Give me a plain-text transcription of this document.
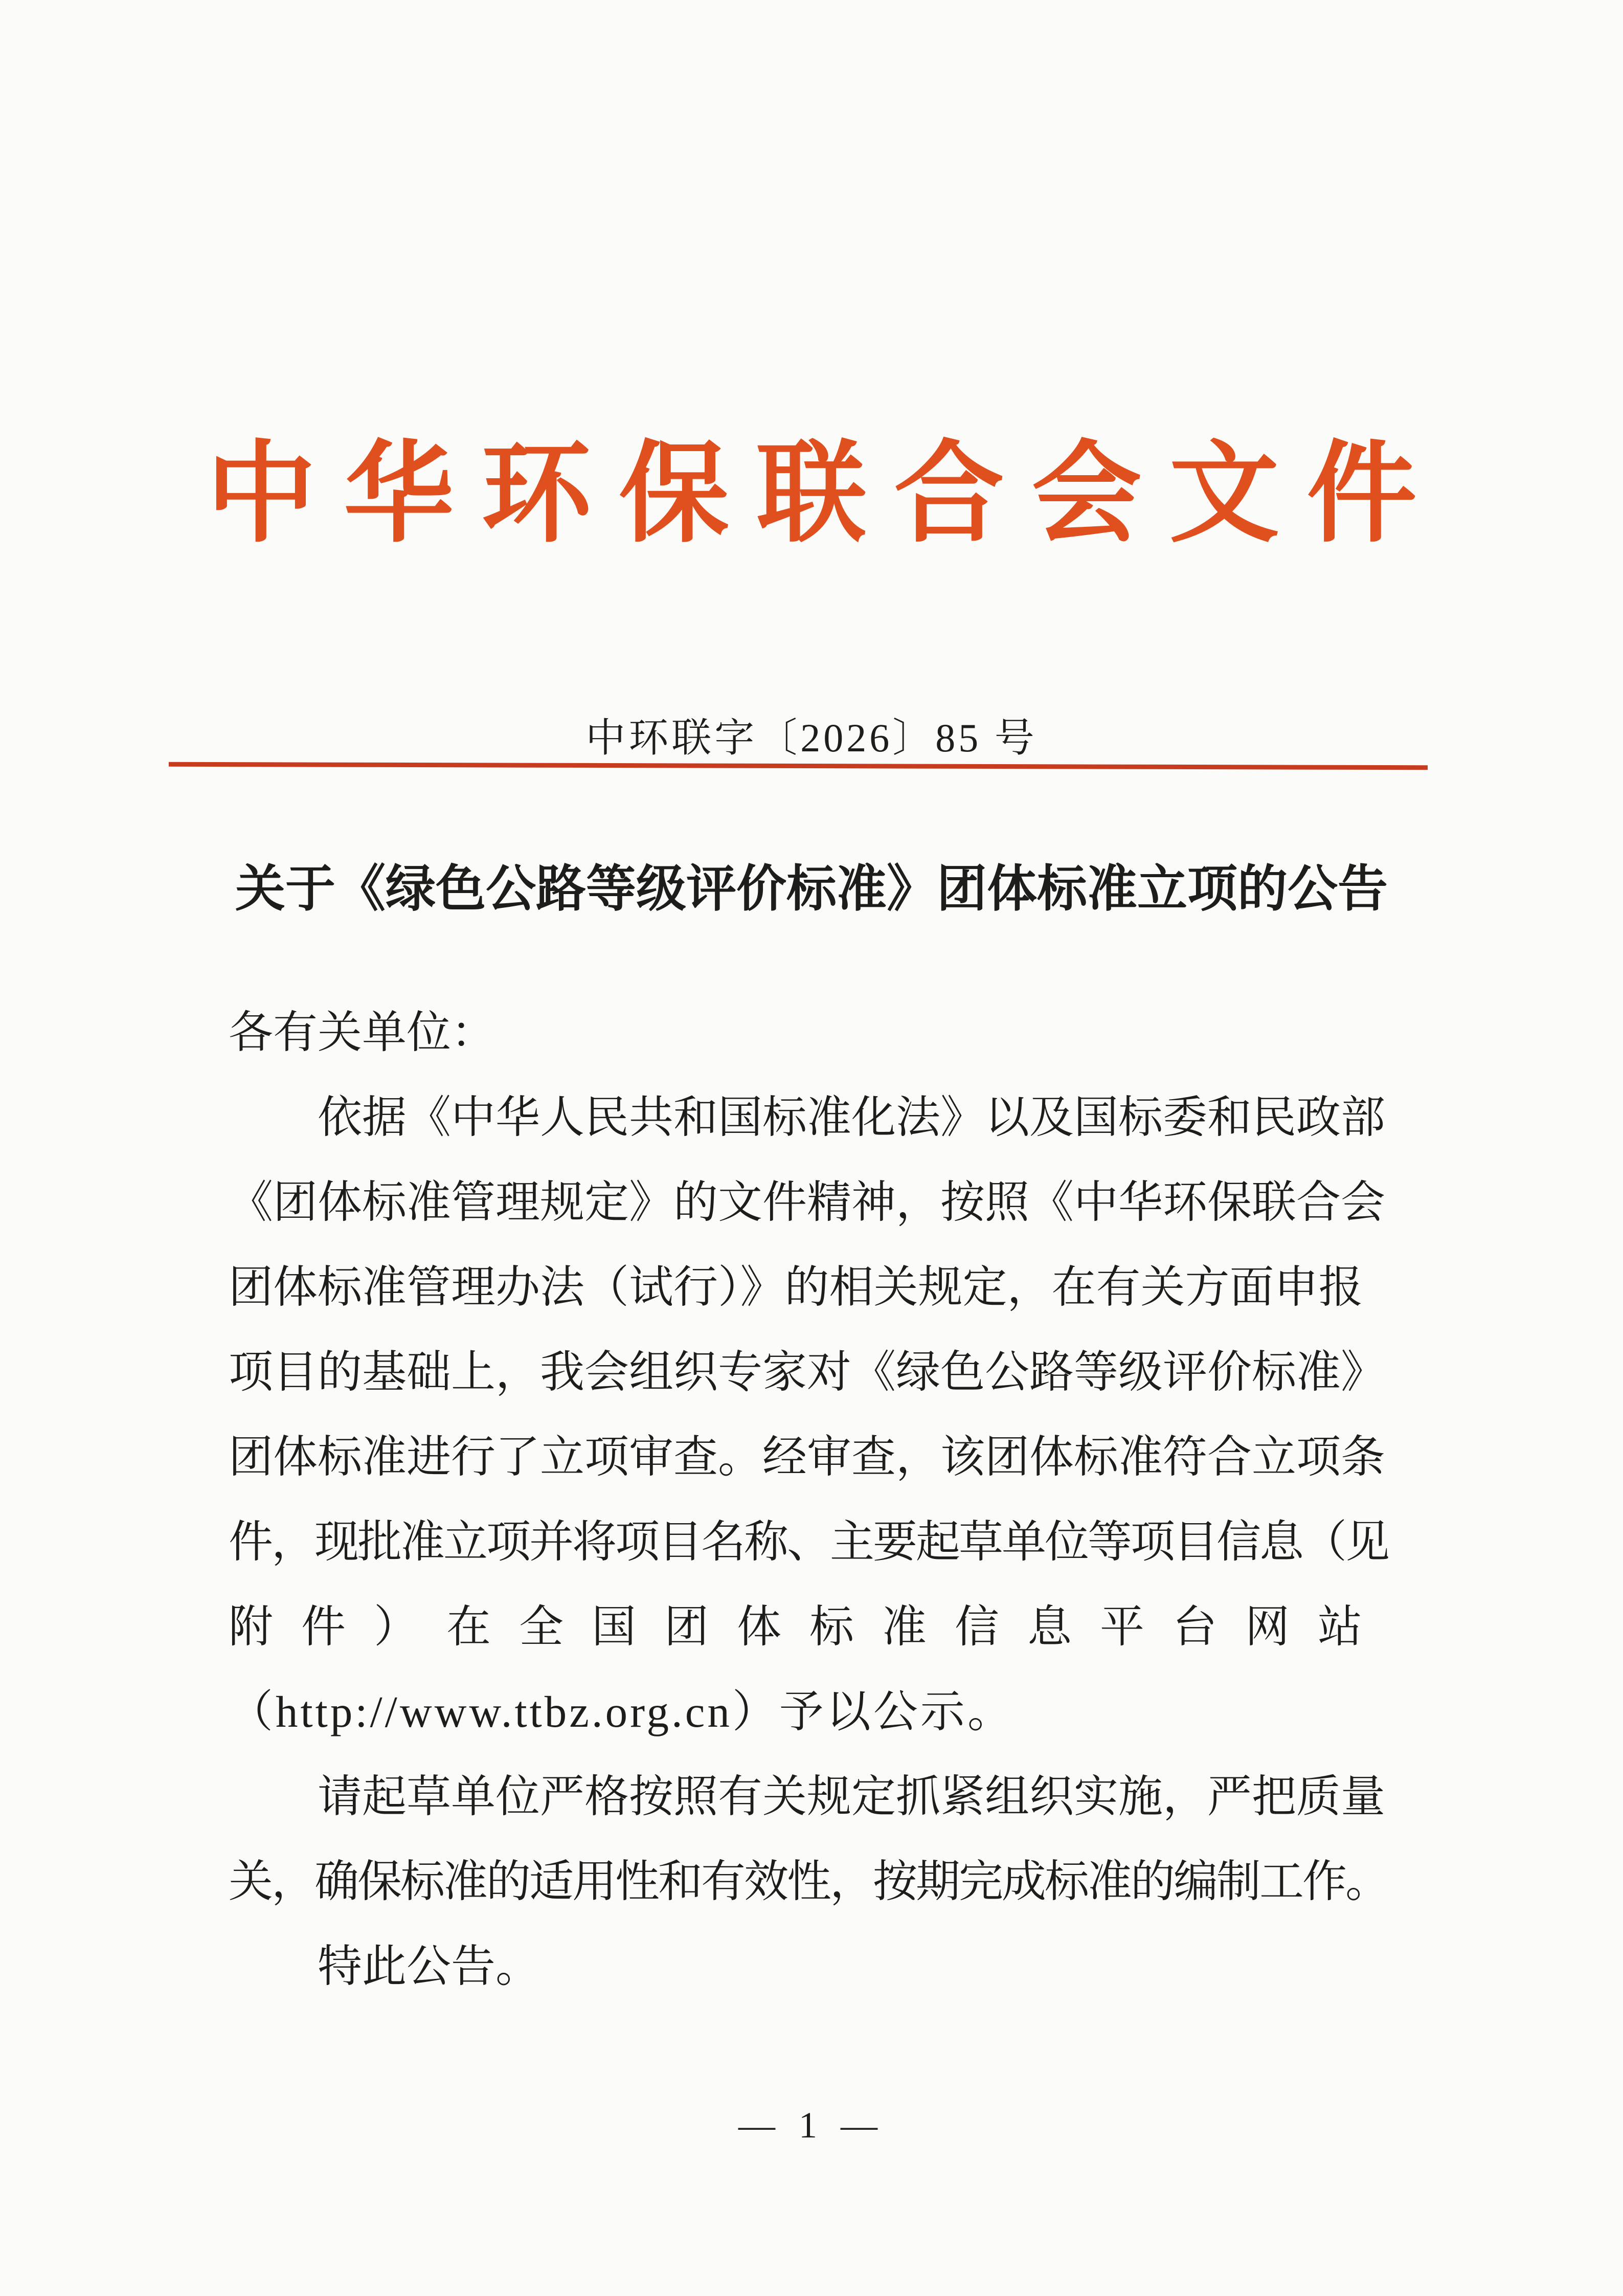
中华环保联合会文件
中环联字〔2026〕85 号
关于《绿色公路等级评价标准》团体标准立项的公告
各有关单位：
依据《中华人民共和国标准化法》以及国标委和民政部
《团体标准管理规定》的文件精神，按照《中华环保联合会
团体标准管理办法（试行）》的相关规定，在有关方面申报
项目的基础上，我会组织专家对《绿色公路等级评价标准》
团体标准进行了立项审查。经审查，该团体标准符合立项条
件，现批准立项并将项目名称、主要起草单位等项目信息（见
附件）在全国团体标准信息平台网站
（http://www.ttbz.org.cn）予以公示。
请起草单位严格按照有关规定抓紧组织实施，严把质量
关，确保标准的适用性和有效性，按期完成标准的编制工作。
特此公告。
— 1 —
